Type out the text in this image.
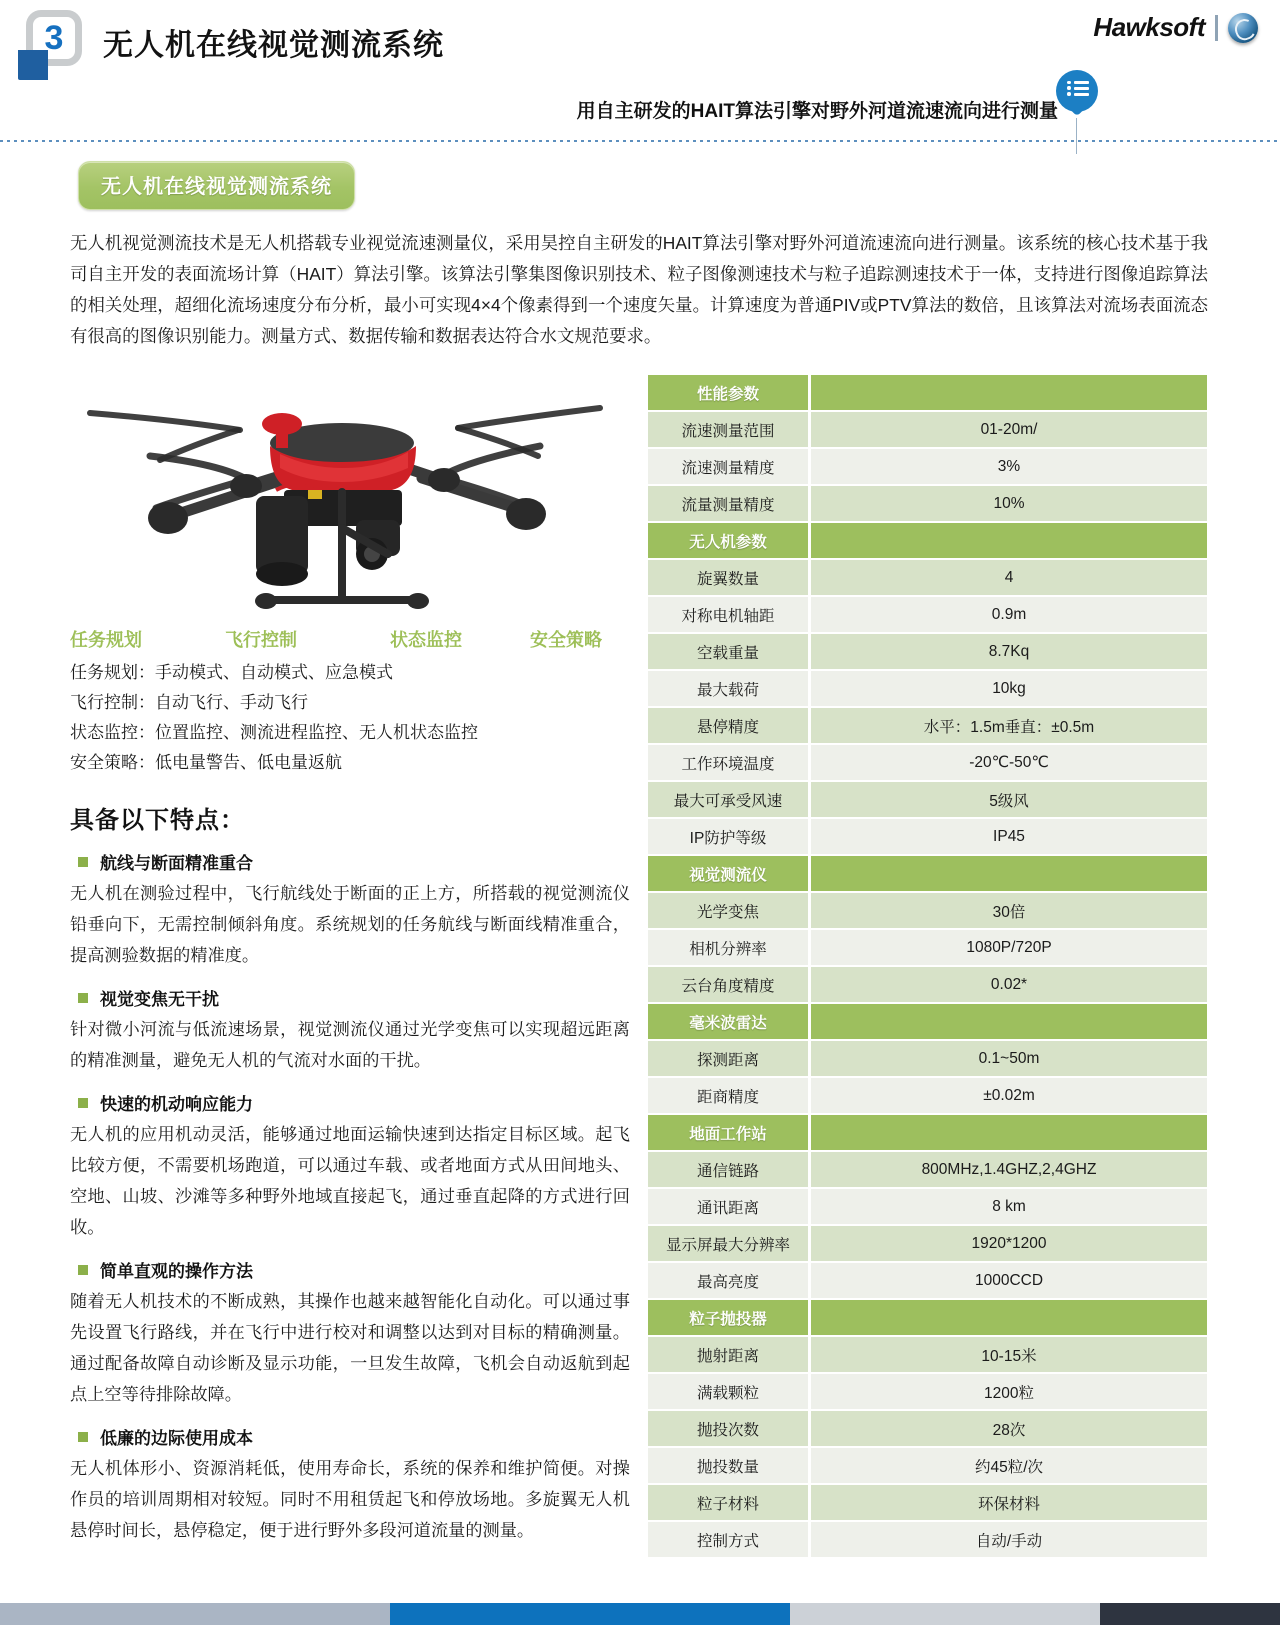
3	无人机在线视觉测流系统
Hawksoft
用自主研发的HAIT算法引擎对野外河道流速流向进行测量
无人机在线视觉测流系统
无人机视觉测流技术是无人机搭载专业视觉流速测量仪，采用昊控自主研发的HAIT算法引擎对野外河道流速流向进行测量。该系统的核心技术基于我司自主开发的表面流场计算（HAIT）算法引擎。该算法引擎集图像识别技术、粒子图像测速技术与粒子追踪测速技术于一体，支持进行图像追踪算法的相关处理，超细化流场速度分布分析，最小可实现4×4个像素得到一个速度矢量。计算速度为普通PIV或PTV算法的数倍，且该算法对流场表面流态有很高的图像识别能力。测量方式、数据传输和数据表达符合水文规范要求。
任务规划	飞行控制	状态监控	安全策略
任务规划：手动模式、自动模式、应急模式
飞行控制：自动飞行、手动飞行
状态监控：位置监控、测流进程监控、无人机状态监控
安全策略：低电量警告、低电量返航
具备以下特点：
航线与断面精准重合
无人机在测验过程中，飞行航线处于断面的正上方，所搭载的视觉测流仪铅垂向下，无需控制倾斜角度。系统规划的任务航线与断面线精准重合，提高测验数据的精准度。
视觉变焦无干扰
针对微小河流与低流速场景，视觉测流仪通过光学变焦可以实现超远距离的精准测量，避免无人机的气流对水面的干扰。
快速的机动响应能力
无人机的应用机动灵活，能够通过地面运输快速到达指定目标区域。起飞比较方便，不需要机场跑道，可以通过车载、或者地面方式从田间地头、空地、山坡、沙滩等多种野外地域直接起飞，通过垂直起降的方式进行回收。
简单直观的操作方法
随着无人机技术的不断成熟，其操作也越来越智能化自动化。可以通过事先设置飞行路线，并在飞行中进行校对和调整以达到对目标的精确测量。通过配备故障自动诊断及显示功能，一旦发生故障，飞机会自动返航到起点上空等待排除故障。
低廉的边际使用成本
无人机体形小、资源消耗低，使用寿命长，系统的保养和维护简便。对操作员的培训周期相对较短。同时不用租赁起飞和停放场地。多旋翼无人机悬停时间长，悬停稳定，便于进行野外多段河道流量的测量。
性能参数	
流速测量范围	01-20m/
流速测量精度	3%
流量测量精度	10%
无人机参数	
旋翼数量	4
对称电机轴距	0.9m
空载重量	8.7Kq
最大载荷	10kg
悬停精度	水平：1.5m垂直：±0.5m
工作环境温度	-20℃-50℃
最大可承受风速	5级风
IP防护等级	IP45
视觉测流仪	
光学变焦	30倍
相机分辨率	1080P/720P
云台角度精度	0.02*
毫米波雷达	
探测距离	0.1~50m
距商精度	±0.02m
地面工作站	
通信链路	800MHz,1.4GHZ,2,4GHZ
通讯距离	8 km
显示屏最大分辨率	1920*1200
最高亮度	1000CCD
粒子抛投器	
抛射距离	10-15米
满载颗粒	1200粒
抛投次数	28次
抛投数量	约45粒/次
粒子材料	环保材料
控制方式	自动/手动
